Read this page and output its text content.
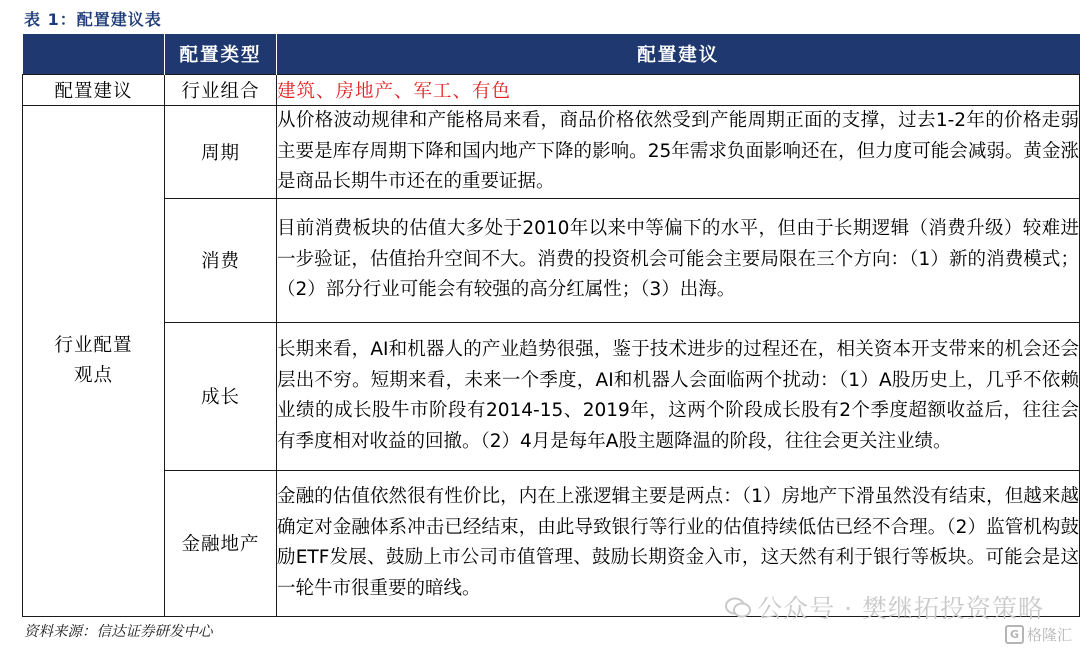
表 1：配置建议表
	配置类型	配置建议
配置建议	行业组合	建筑、房地产、军工、有色

行业配置观点	周期	从价格波动规律和产能格局来看，商品价格依然受到产能周期正面的支撑，过去1-2年的价格走弱主要是库存周期下降和国内地产下降的影响。25年需求负面影响还在，但力度可能会减弱。黄金涨是商品长期牛市还在的重要证据。
	消费	目前消费板块的估值大多处于2010年以来中等偏下的水平，但由于长期逻辑（消费升级）较难进一步验证，估值抬升空间不大。消费的投资机会可能会主要局限在三个方向：（1）新的消费模式；（2）部分行业可能会有较强的高分红属性；（3）出海。
	成长	长期来看，AI和机器人的产业趋势很强，鉴于技术进步的过程还在，相关资本开支带来的机会还会层出不穷。短期来看，未来一个季度，AI和机器人会面临两个扰动：（1）A股历史上，几乎不依赖业绩的成长股牛市阶段有2014-15、2019年，这两个阶段成长股有2个季度超额收益后，往往会有季度相对收益的回撤。（2）4月是每年A股主题降温的阶段，往往会更关注业绩。
	金融地产	金融的估值依然很有性价比，内在上涨逻辑主要是两点：（1）房地产下滑虽然没有结束，但越来越确定对金融体系冲击已经结束，由此导致银行等行业的估值持续低估已经不合理。（2）监管机构鼓励ETF发展、鼓励上市公司市值管理、鼓励长期资金入市，这天然有利于银行等板块。可能会是这一轮牛市很重要的暗线。
资料来源：信达证券研发中心
公众号 · 樊继拓投资策略
G 格隆汇
